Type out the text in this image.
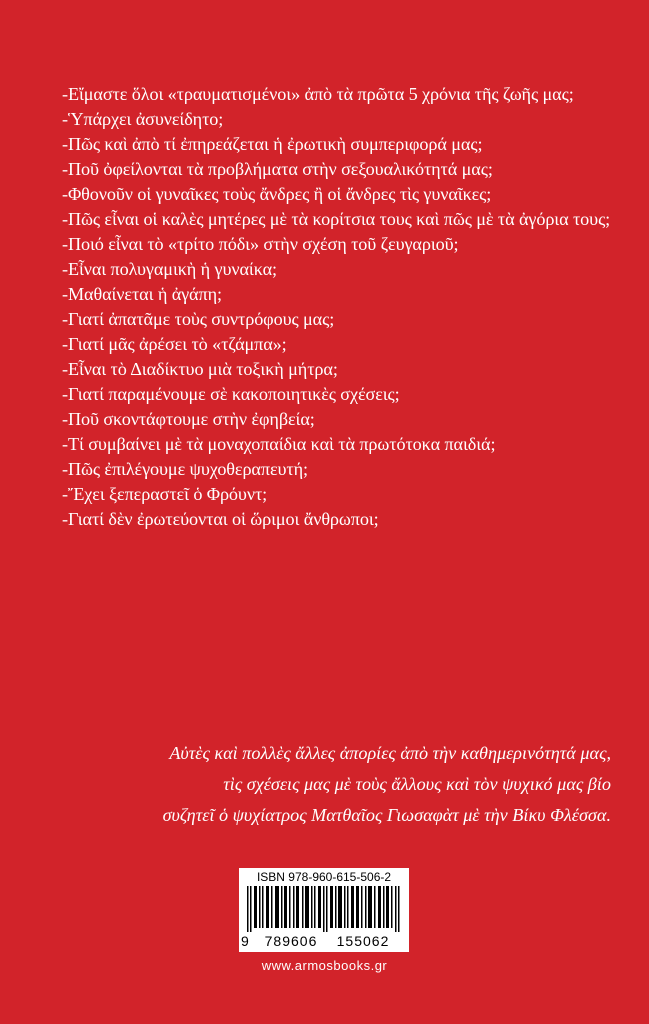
-Εἴμαστε ὅλοι «τραυματισμένοι» ἀπὸ τὰ πρῶτα 5 χρόνια τῆς ζωῆς μας;
-Ὑπάρχει ἀσυνείδητο;
-Πῶς καὶ ἀπὸ τί ἐπηρεάζεται ἡ ἐρωτικὴ συμπεριφορά μας;
-Ποῦ ὀφείλονται τὰ προβλήματα στὴν σεξουαλικότητά μας;
-Φθονοῦν οἱ γυναῖκες τοὺς ἄνδρες ἢ οἱ ἄνδρες τὶς γυναῖκες;
-Πῶς εἶναι οἱ καλὲς μητέρες μὲ τὰ κορίτσια τους καὶ πῶς μὲ τὰ ἀγόρια τους;
-Ποιό εἶναι τὸ «τρίτο πόδι» στὴν σχέση τοῦ ζευγαριοῦ;
-Εἶναι πολυγαμικὴ ἡ γυναίκα;
-Μαθαίνεται ἡ ἀγάπη;
-Γιατί ἀπατᾶμε τοὺς συντρόφους μας;
-Γιατί μᾶς ἀρέσει τὸ «τζάμπα»;
-Εἶναι τὸ Διαδίκτυο μιὰ τοξικὴ μήτρα;
-Γιατί παραμένουμε σὲ κακοποιητικὲς σχέσεις;
-Ποῦ σκοντάφτουμε στὴν ἐφηβεία;
-Τί συμβαίνει μὲ τὰ μοναχοπαίδια καὶ τὰ πρωτότοκα παιδιά;
-Πῶς ἐπιλέγουμε ψυχοθεραπευτή;
-Ἔχει ξεπεραστεῖ ὁ Φρόυντ;
-Γιατί δὲν ἐρωτεύονται οἱ ὥριμοι ἄνθρωποι;
Αὐτὲς καὶ πολλὲς ἄλλες ἀπορίες ἀπὸ τὴν καθημερινότητά μας,
τὶς σχέσεις μας μὲ τοὺς ἄλλους καὶ τὸν ψυχικό μας βίο
συζητεῖ ὁ ψυχίατρος Ματθαῖος Γιωσαφὰτ μὲ τὴν Βίκυ Φλέσσα.
ISBN 978-960-615-506-2
9	789606	155062
www.armosbooks.gr
